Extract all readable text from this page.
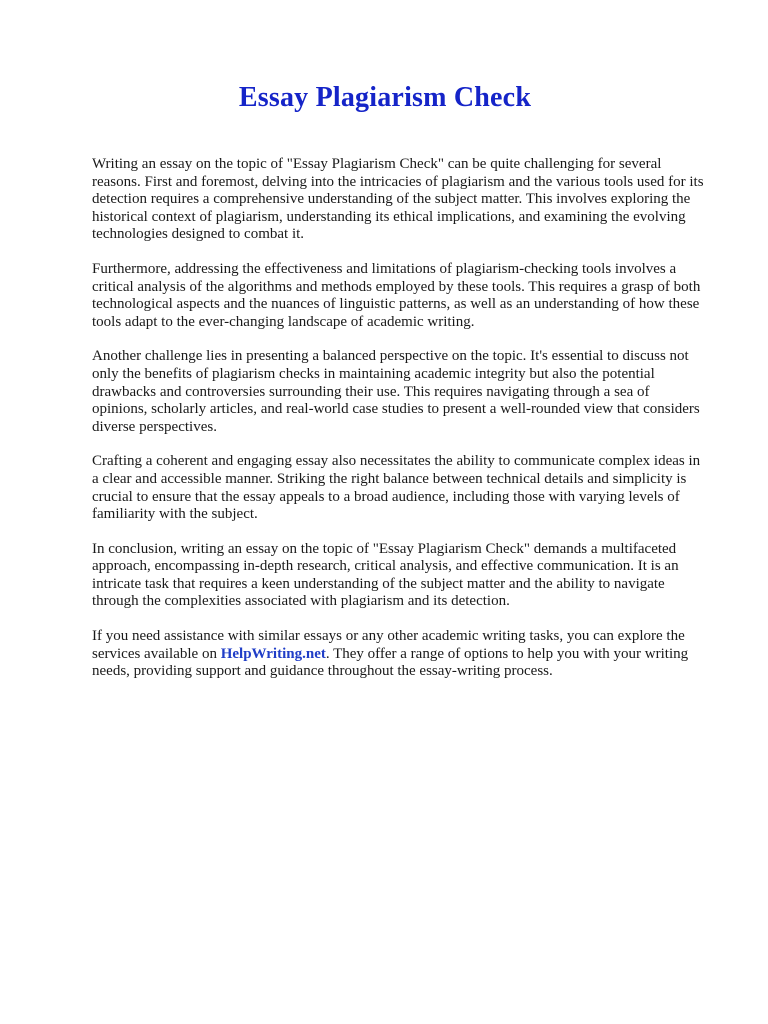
Essay Plagiarism Check

Writing an essay on the topic of "Essay Plagiarism Check" can be quite challenging for several reasons. First and foremost, delving into the intricacies of plagiarism and the various tools used for its detection requires a comprehensive understanding of the subject matter. This involves exploring the historical context of plagiarism, understanding its ethical implications, and examining the evolving technologies designed to combat it.

Furthermore, addressing the effectiveness and limitations of plagiarism-checking tools involves a critical analysis of the algorithms and methods employed by these tools. This requires a grasp of both technological aspects and the nuances of linguistic patterns, as well as an understanding of how these tools adapt to the ever-changing landscape of academic writing.

Another challenge lies in presenting a balanced perspective on the topic. It's essential to discuss not only the benefits of plagiarism checks in maintaining academic integrity but also the potential drawbacks and controversies surrounding their use. This requires navigating through a sea of opinions, scholarly articles, and real-world case studies to present a well-rounded view that considers diverse perspectives.

Crafting a coherent and engaging essay also necessitates the ability to communicate complex ideas in a clear and accessible manner. Striking the right balance between technical details and simplicity is crucial to ensure that the essay appeals to a broad audience, including those with varying levels of familiarity with the subject.

In conclusion, writing an essay on the topic of "Essay Plagiarism Check" demands a multifaceted approach, encompassing in-depth research, critical analysis, and effective communication. It is an intricate task that requires a keen understanding of the subject matter and the ability to navigate through the complexities associated with plagiarism and its detection.

If you need assistance with similar essays or any other academic writing tasks, you can explore the services available on HelpWriting.net. They offer a range of options to help you with your writing needs, providing support and guidance throughout the essay-writing process.
